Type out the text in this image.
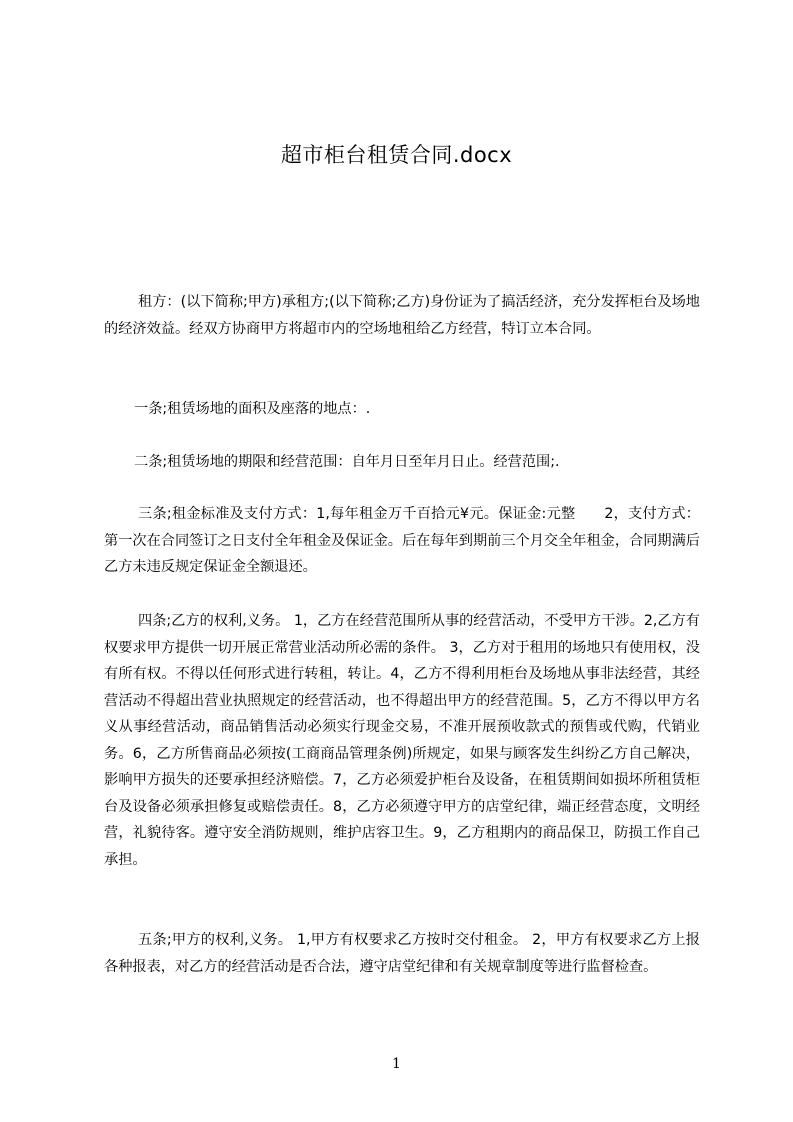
超市柜台租赁合同.docx

租方：(以下简称;甲方)承租方;(以下简称;乙方)身份证为了搞活经济，充分发挥柜台及场地的经济效益。经双方协商甲方将超市内的空场地租给乙方经营，特订立本合同。

一条;租赁场地的面积及座落的地点：.

二条;租赁场地的期限和经营范围：自年月日至年月日止。经营范围;.

三条;租金标准及支付方式：1,每年租金万千百拾元¥元。保证金:元整　　2，支付方式：第一次在合同签订之日支付全年租金及保证金。后在每年到期前三个月交全年租金，合同期满后乙方未违反规定保证金全额退还。

四条;乙方的权利,义务。 1，乙方在经营范围所从事的经营活动，不受甲方干涉。2,乙方有权要求甲方提供一切开展正常营业活动所必需的条件。 3，乙方对于租用的场地只有使用权，没有所有权。不得以任何形式进行转租，转让。4，乙方不得利用柜台及场地从事非法经营，其经营活动不得超出营业执照规定的经营活动，也不得超出甲方的经营范围。5，乙方不得以甲方名义从事经营活动，商品销售活动必须实行现金交易，不准开展预收款式的预售或代购，代销业务。6，乙方所售商品必须按(工商商品管理条例)所规定，如果与顾客发生纠纷乙方自己解决，影响甲方损失的还要承担经济赔偿。7，乙方必须爱护柜台及设备，在租赁期间如损坏所租赁柜台及设备必须承担修复或赔偿责任。8，乙方必须遵守甲方的店堂纪律，端正经营态度，文明经营，礼貌待客。遵守安全消防规则，维护店容卫生。9，乙方租期内的商品保卫，防损工作自己承担。

五条;甲方的权利,义务。 1,甲方有权要求乙方按时交付租金。 2，甲方有权要求乙方上报各种报表，对乙方的经营活动是否合法，遵守店堂纪律和有关规章制度等进行监督检查。

1
